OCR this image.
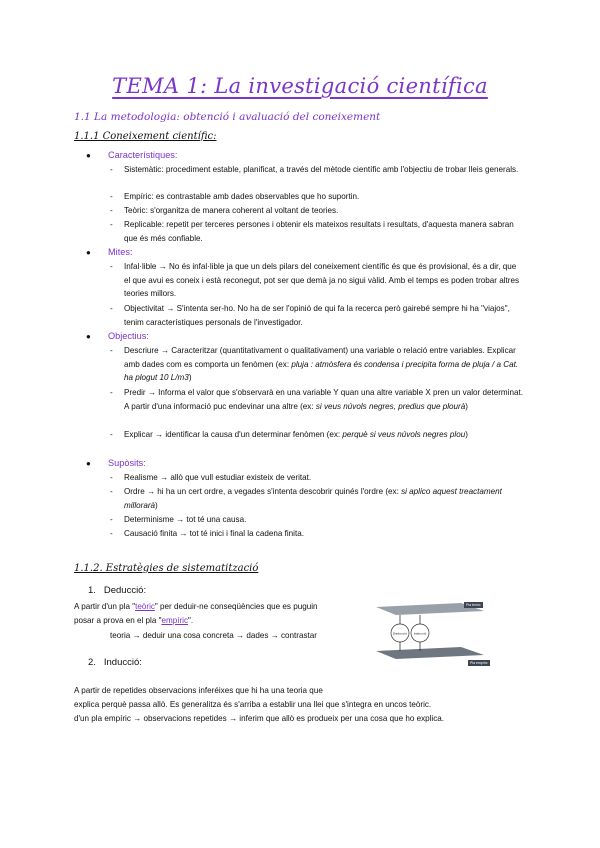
TEMA 1: La investigació científica
1.1 La metodologia: obtenció i avaluació del coneixement
1.1.1 Coneixement científic:
● Característiques:
- Sistemàtic: procediment estable, planificat, a través del mètode científic amb l'objectiu de trobar lleis generals.
- Empíric: es contrastable amb dades observables que ho suportin.
- Teòric: s'organitza de manera coherent al voltant de teories.
- Replicable: repetit per terceres persones i obtenir els mateixos resultats i resultats, d'aquesta manera sabran que és més confiable.
● Mites:
- Infal·lible → No és infal·lible ja que un dels pilars del coneixement científic és que és provisional, és a dir, que el que avui es coneix i està reconegut, pot ser que demà ja no sigui vàlid. Amb el temps es poden trobar altres teories millors.
- Objectivitat → S'intenta ser-ho. No ha de ser l'opinió de qui fa la recerca però gairebé sempre hi ha "viajos", tenim característiques personals de l'investigador.
● Objectius:
- Descriure → Caracteritzar (quantitativament o qualitativament) una variable o relació entre variables. Explicar amb dades com es comporta un fenòmen (ex: pluja : atmòsfera és condensa i precipita forma de pluja / a Cat. ha plogut 10 L/m3)
- Predir → Informa el valor que s'observarà en una variable Y quan una altre variable X pren un valor determinat. A partir d'una informació puc endevinar una altre (ex: si veus núvols negres, predius que plourà)
- Explicar → identificar la causa d'un determinar fenòmen (ex: perquè si veus núvols negres plou)
● Supòsits:
- Realisme → allò que vull estudiar existeix de veritat.
- Ordre → hi ha un cert ordre, a vegades s'intenta descobrir quinés l'ordre (ex: si aplico aquest treactament millorarà)
- Determinisme → tot té una causa.
- Causació finita → tot té inici i final la cadena finita.
1.1.2. Estratègies de sistematització
1. Deducció:
A partir d'un pla "teòric" per deduir-ne conseqüències que es puguin
posar a prova en el pla "empíric".
teoria → deduir una cosa concreta → dades → contrastar
2. Inducció:
A partir de repetides observacions inferéixes que hi ha una teoria que
explica perquè passa allò. Es generalitza és s'arriba a establir una llei que s'integra en uncos teòric.
d'un pla empíric → observacions repetides → inferim que allò es produeix per una cosa que ho explica.
Deducció Inducció
Pla teòric
Pla empíric
